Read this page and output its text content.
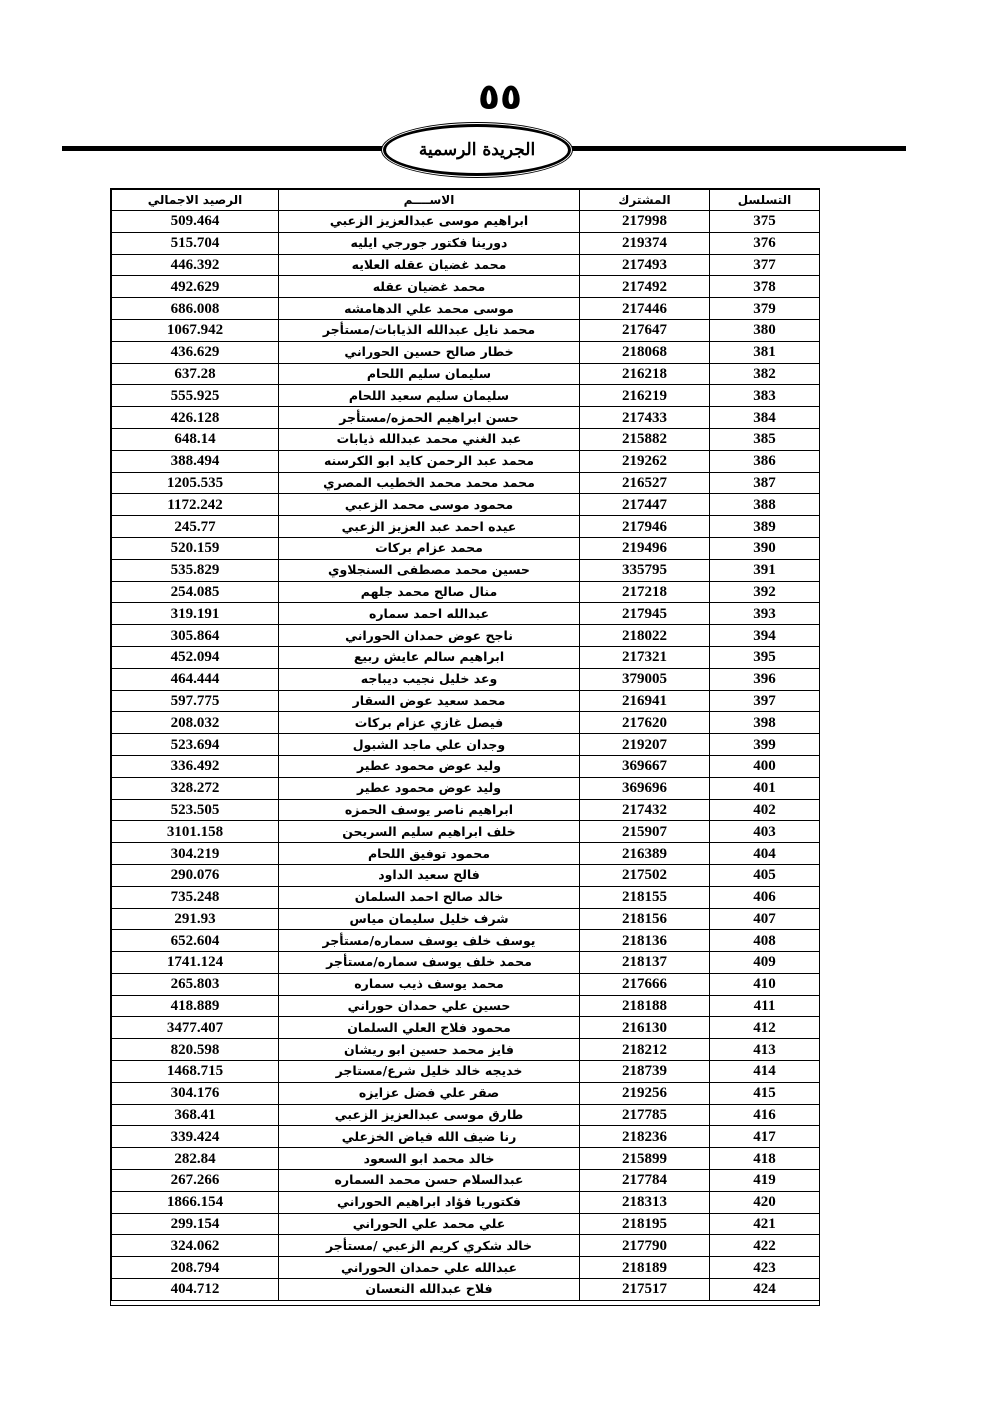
٥٥
الجريدة الرسمية
التسلسل	المشترك	الاســــم	الرصيد الاجمالي
375	217998	ابراهيم موسى عبدالعزيز الزعبي	509.464
376	219374	دورينا فكتور جورجي ايليه	515.704
377	217493	محمد غضيان عقله العلايه	446.392
378	217492	محمد غضيان عقله	492.629
379	217446	موسى محمد علي الدهامشه	686.008
380	217647	محمد نايل عبدالله الذيابات/مستأجر	1067.942
381	218068	خطار صالح حسين الحوراني	436.629
382	216218	سليمان سليم اللحام	637.28
383	216219	سليمان سليم سعيد اللحام	555.925
384	217433	حسن ابراهيم الحمزه/مستأجر	426.128
385	215882	عبد الغني محمد عبدالله ذيابات	648.14
386	219262	محمد عبد الرحمن كايد ابو الكرسنه	388.494
387	216527	محمد محمد محمد الخطيب المصري	1205.535
388	217447	محمود موسى محمد الزعبي	1172.242
389	217946	عيده احمد عبد العزيز الزعبي	245.77
390	219496	محمد عزام بركات	520.159
391	335795	حسين محمد مصطفى السنجلاوي	535.829
392	217218	منال صالح محمد جلهم	254.085
393	217945	عبدالله احمد سماره	319.191
394	218022	ناجح عوض حمدان الحوراني	305.864
395	217321	ابراهيم سالم عايش ربيع	452.094
396	379005	وعد خليل نجيب ديباجه	464.444
397	216941	محمد سعيد عوض السقار	597.775
398	217620	فيصل غازي عزام بركات	208.032
399	219207	وجدان علي ماجد الشبول	523.694
400	369667	وليد عوض محمود عطير	336.492
401	369696	وليد عوض محمود عطير	328.272
402	217432	ابراهيم ناصر يوسف الحمزه	523.505
403	215907	خلف ابراهيم سليم السريحن	3101.158
404	216389	محمود توفيق اللحام	304.219
405	217502	فالح سعيد الداود	290.076
406	218155	خالد صالح احمد السلمان	735.248
407	218156	شرف خليل سليمان مياس	291.93
408	218136	يوسف خلف يوسف سماره/مستأجر	652.604
409	218137	محمد خلف يوسف سماره/مستأجر	1741.124
410	217666	محمد يوسف ذيب سماره	265.803
411	218188	حسين علي حمدان حوراني	418.889
412	216130	محمود فلاح العلي السلمان	3477.407
413	218212	فايز محمد حسين ابو ريشان	820.598
414	218739	خديجه خالد خليل شرع/مستاجر	1468.715
415	219256	صقر علي فضل عزايزه	304.176
416	217785	طارق موسى عبدالعزيز الزعبي	368.41
417	218236	رنا ضيف الله فياض الخزعلي	339.424
418	215899	خالد محمد ابو السعود	282.84
419	217784	عبدالسلام حسن محمد السماره	267.266
420	218313	فكتوريا فؤاد ابراهيم الحوراني	1866.154
421	218195	علي محمد علي الحوراني	299.154
422	217790	خالد شكري كريم الزعبي /مستأجر	324.062
423	218189	عبدالله علي حمدان الحوراني	208.794
424	217517	فلاح عبدالله النعسان	404.712
